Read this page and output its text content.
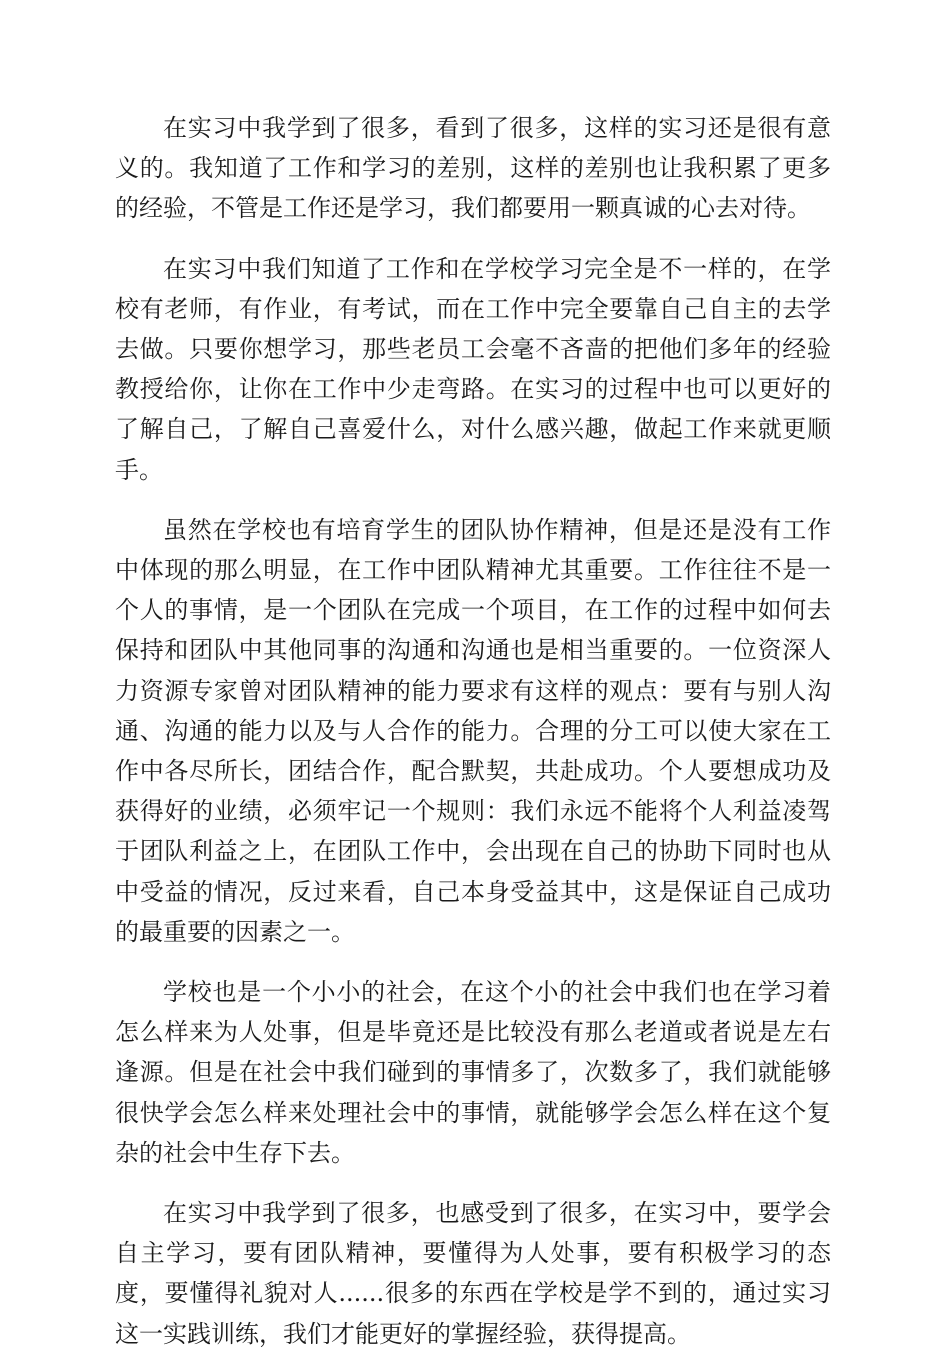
在实习中我学到了很多，看到了很多，这样的实习还是很有意义的。我知道了工作和学习的差别，这样的差别也让我积累了更多的经验，不管是工作还是学习，我们都要用一颗真诚的心去对待。

在实习中我们知道了工作和在学校学习完全是不一样的，在学校有老师，有作业，有考试，而在工作中完全要靠自己自主的去学去做。只要你想学习，那些老员工会毫不吝啬的把他们多年的经验教授给你，让你在工作中少走弯路。在实习的过程中也可以更好的了解自己，了解自己喜爱什么，对什么感兴趣，做起工作来就更顺手。

虽然在学校也有培育学生的团队协作精神，但是还是没有工作中体现的那么明显，在工作中团队精神尤其重要。工作往往不是一个人的事情，是一个团队在完成一个项目，在工作的过程中如何去保持和团队中其他同事的沟通和沟通也是相当重要的。一位资深人力资源专家曾对团队精神的能力要求有这样的观点：要有与别人沟通、沟通的能力以及与人合作的能力。合理的分工可以使大家在工作中各尽所长，团结合作，配合默契，共赴成功。个人要想成功及获得好的业绩，必须牢记一个规则：我们永远不能将个人利益凌驾于团队利益之上，在团队工作中，会出现在自己的协助下同时也从中受益的情况，反过来看，自己本身受益其中，这是保证自己成功的最重要的因素之一。

学校也是一个小小的社会，在这个小的社会中我们也在学习着怎么样来为人处事，但是毕竟还是比较没有那么老道或者说是左右逢源。但是在社会中我们碰到的事情多了，次数多了，我们就能够很快学会怎么样来处理社会中的事情，就能够学会怎么样在这个复杂的社会中生存下去。

在实习中我学到了很多，也感受到了很多，在实习中，要学会自主学习，要有团队精神，要懂得为人处事，要有积极学习的态度，要懂得礼貌对人......很多的东西在学校是学不到的，通过实习这一实践训练，我们才能更好的掌握经验，获得提高。
